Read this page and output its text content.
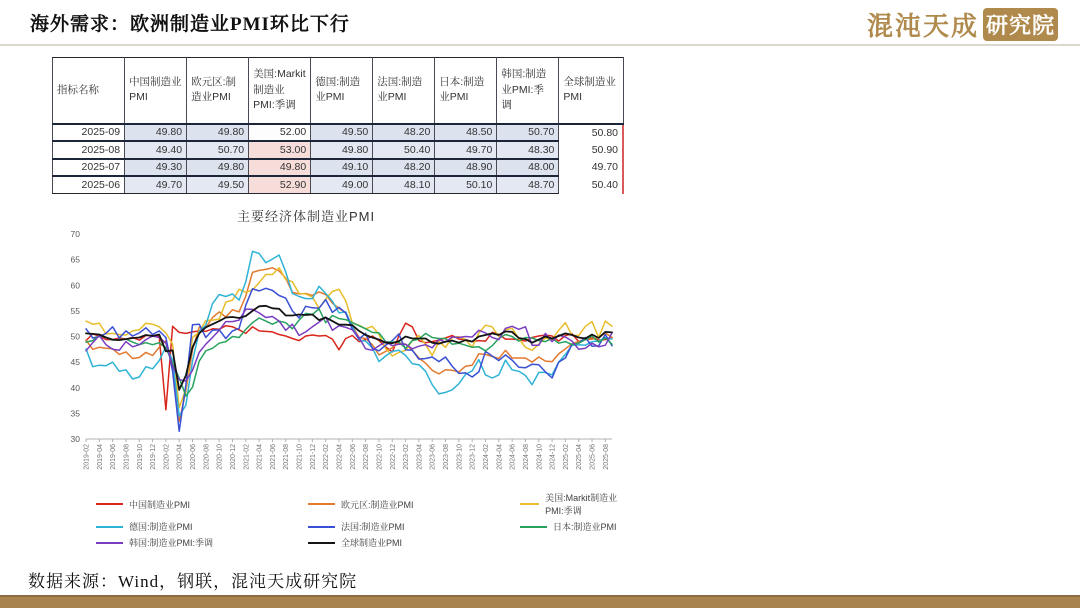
海外需求：欧洲制造业PMI环比下行	混沌天成 研究院
指标名称	中国制造业PMI	欧元区:制造业PMI	美国:Markit制造业PMI:季调	德国:制造业PMI	法国:制造业PMI	日本:制造业PMI	韩国:制造业PMI:季调	全球制造业PMI
2025-09	49.80	49.80	52.00	49.50	48.20	48.50	50.70	50.80
2025-08	49.40	50.70	53.00	49.80	50.40	49.70	48.30	50.90
2025-07	49.30	49.80	49.80	49.10	48.20	48.90	48.00	49.70
2025-06	49.70	49.50	52.90	49.00	48.10	50.10	48.70	50.40
主要经济体制造业PMI
30
35
40
45
50
55
60
65
70
2019-02 2019-04 2019-06 2019-08 2019-10 2019-12 2020-02 2020-04 2020-06 2020-08 2020-10 2020-12 2021-02 2021-04 2021-06 2021-08 2021-10 2021-12 2022-02 2022-04 2022-06 2022-08 2022-10 2022-12 2023-02 2023-04 2023-06 2023-08 2023-10 2023-12 2024-02 2024-04 2024-06 2024-08 2024-10 2024-12 2025-02 2025-04 2025-06 2025-08
中国制造业PMI	欧元区:制造业PMI
美国:Markit制造业PMI:季调
德国:制造业PMI	法国:制造业PMI	日本:制造业PMI
韩国:制造业PMI:季调	全球制造业PMI
数据来源：Wind，钢联，混沌天成研究院
